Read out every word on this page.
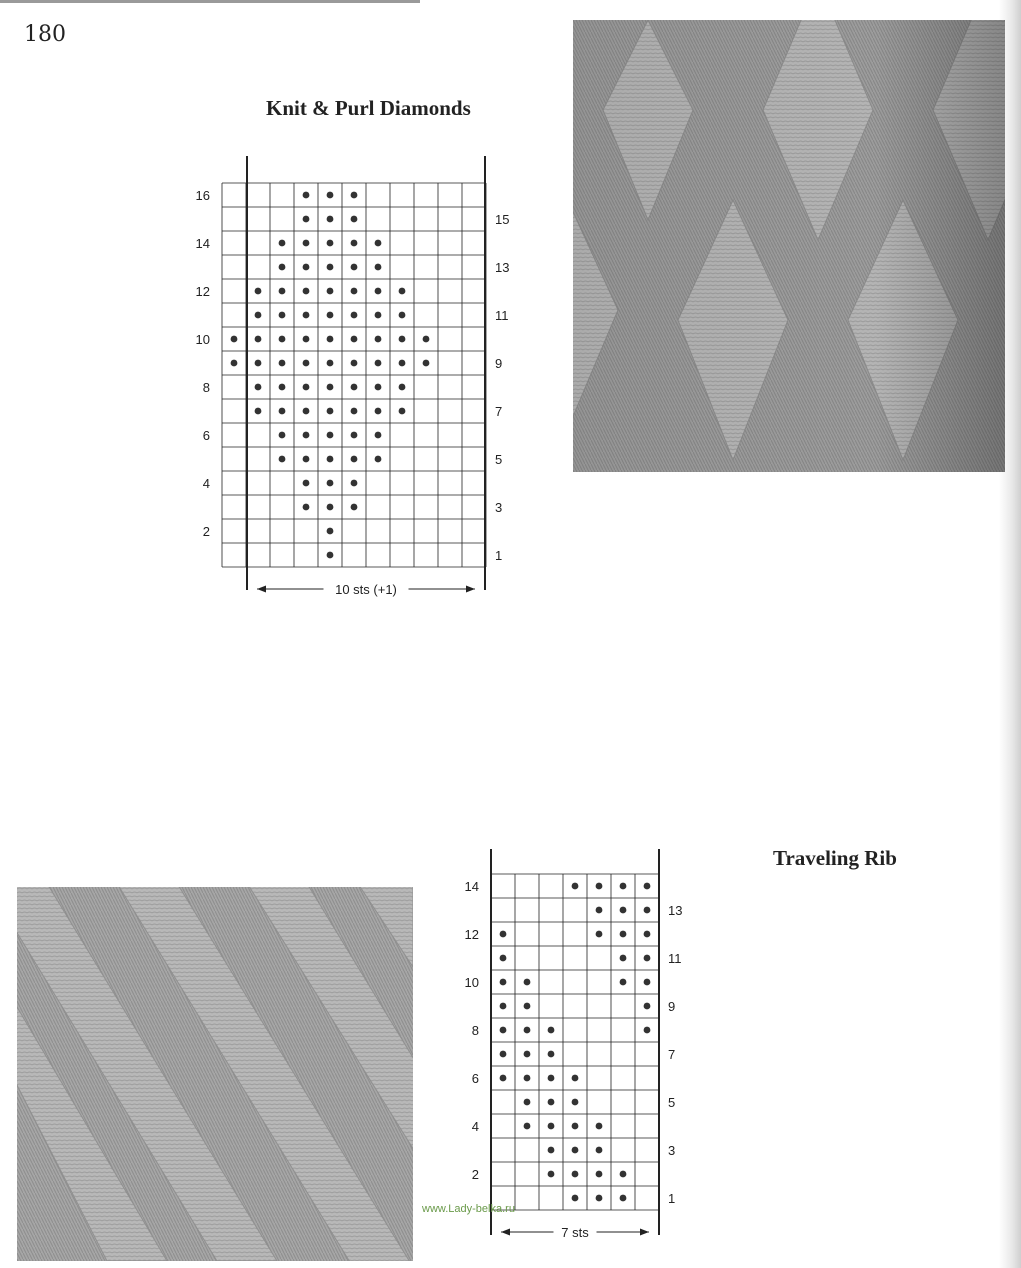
180
Knit & Purl Diamonds
16
14
12
10
8
6
4
2
15
13
11
9
7
5
3
1
10 sts (+1)
Traveling Rib
14
12
10
8
6
4
2
13
11
9
7
5
3
1
7 sts
www.Lady-belka.ru
